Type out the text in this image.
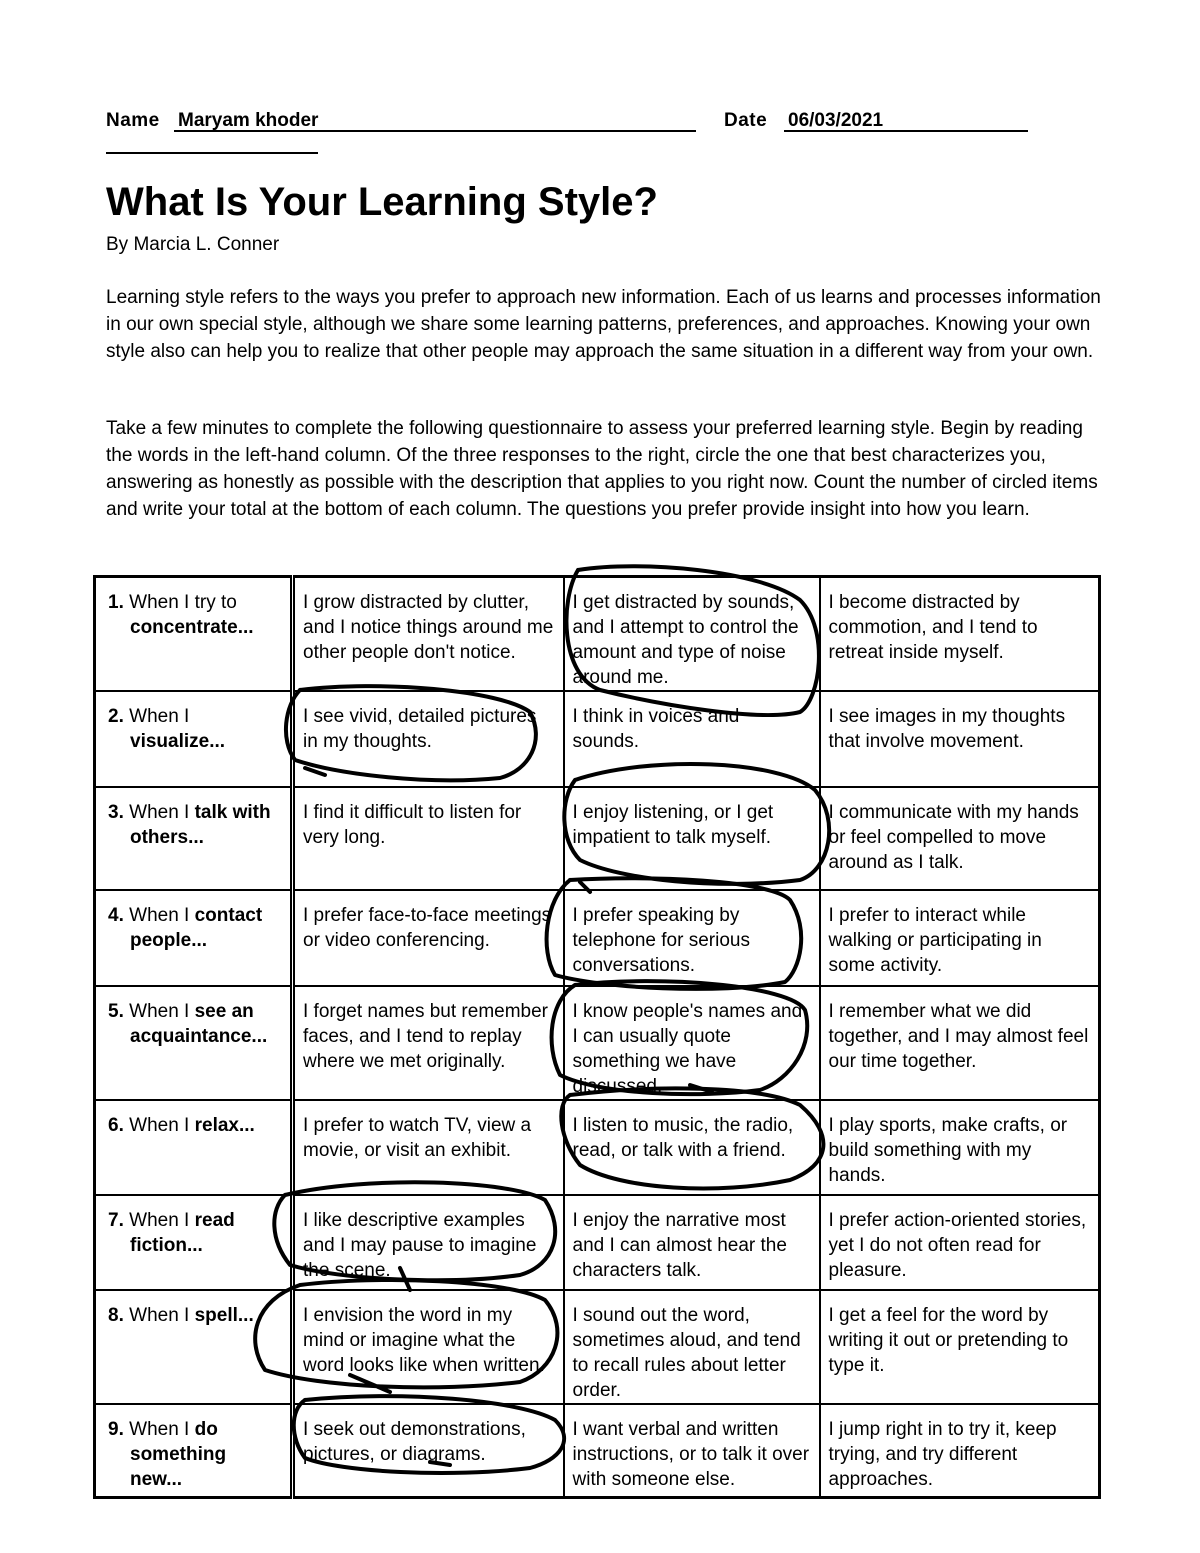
Name Maryam khoder	Date 06/03/2021
What Is Your Learning Style?

By Marcia L. Conner

Learning style refers to the ways you prefer to approach new information. Each of us learns and processes information in our own special style, although we share some learning patterns, preferences, and approaches. Knowing your own style also can help you to realize that other people may approach the same situation in a different way from your own.

Take a few minutes to complete the following questionnaire to assess your preferred learning style. Begin by reading the words in the left-hand column. Of the three responses to the right, circle the one that best characterizes you, answering as honestly as possible with the description that applies to you right now. Count the number of circled items and write your total at the bottom of each column. The questions you prefer provide insight into how you learn.

1. When I try to concentrate...	I grow distracted by clutter, and I notice things around me other people don't notice.	I get distracted by sounds, and I attempt to control the amount and type of noise around me.	I become distracted by commotion, and I tend to retreat inside myself.

2. When I visualize...	I see vivid, detailed pictures in my thoughts.	I think in voices and sounds.	I see images in my thoughts that involve movement.

3. When I talk with others...	I find it difficult to listen for very long.	I enjoy listening, or I get impatient to talk myself.	I communicate with my hands or feel compelled to move around as I talk.

4. When I contact people...	I prefer face-to-face meetings or video conferencing.	I prefer speaking by telephone for serious conversations.	I prefer to interact while walking or participating in some activity.

5. When I see an acquaintance...	I forget names but remember faces, and I tend to replay where we met originally.	I know people's names and I can usually quote something we have discussed.	I remember what we did together, and I may almost feel our time together.

6. When I relax...	I prefer to watch TV, view a movie, or visit an exhibit.	I listen to music, the radio, read, or talk with a friend.	I play sports, make crafts, or build something with my hands.

7. When I read fiction...	I like descriptive examples and I may pause to imagine the scene.	I enjoy the narrative most and I can almost hear the characters talk.	I prefer action-oriented stories, yet I do not often read for pleasure.

8. When I spell...	I envision the word in my mind or imagine what the word looks like when written.	I sound out the word, sometimes aloud, and tend to recall rules about letter order.	I get a feel for the word by writing it out or pretending to type it.

9. When I do something new...	I seek out demonstrations, pictures, or diagrams.	I want verbal and written instructions, or to talk it over with someone else.	I jump right in to try it, keep trying, and try different approaches.
